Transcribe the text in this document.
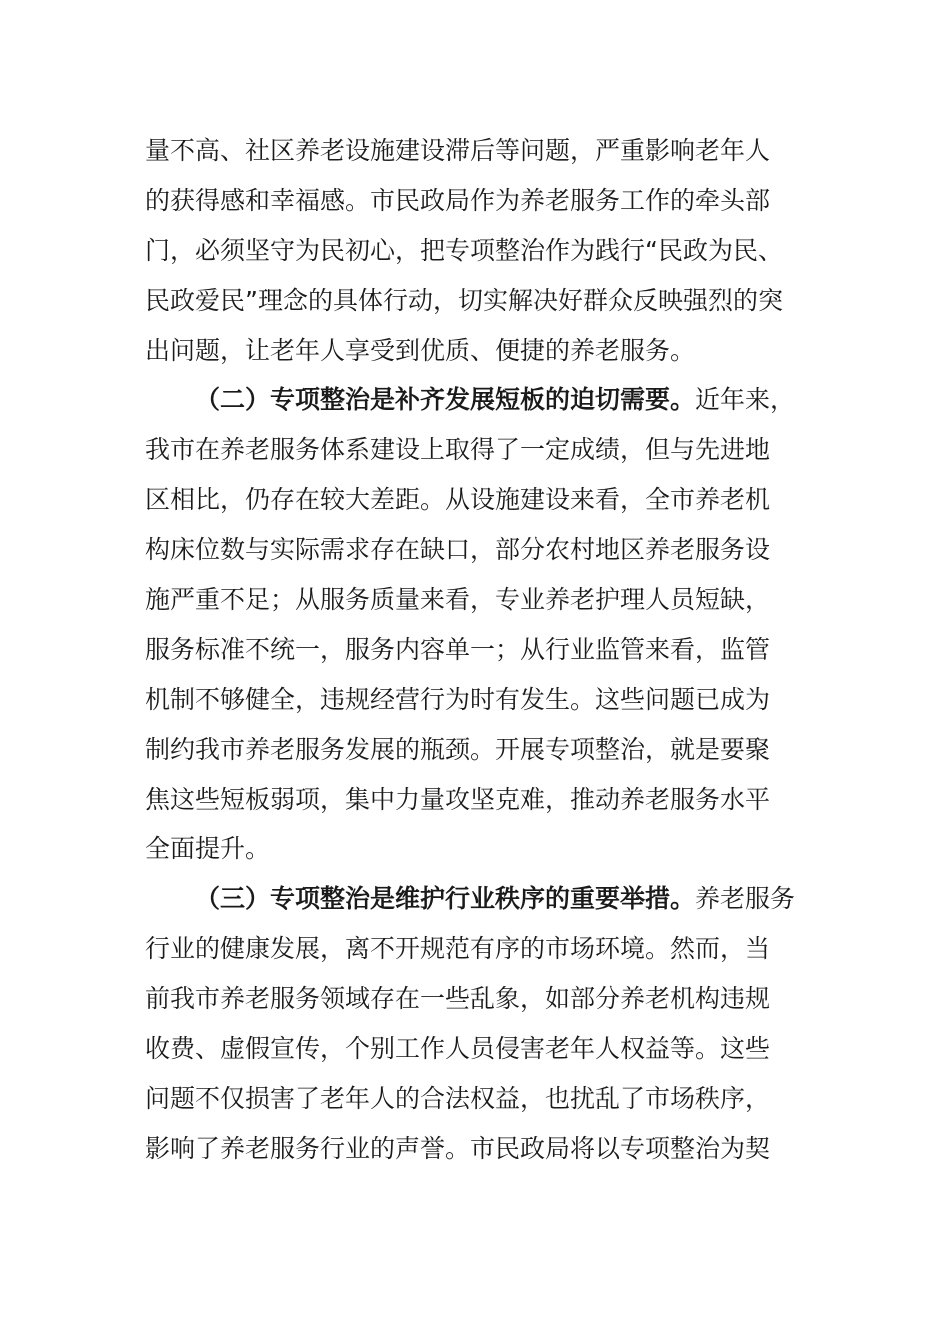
量不高、社区养老设施建设滞后等问题，严重影响老年人
的获得感和幸福感。市民政局作为养老服务工作的牵头部
门，必须坚守为民初心，把专项整治作为践行“民政为民、
民政爱民”理念的具体行动，切实解决好群众反映强烈的突
出问题，让老年人享受到优质、便捷的养老服务。
（二）专项整治是补齐发展短板的迫切需要。近年来，
我市在养老服务体系建设上取得了一定成绩，但与先进地
区相比，仍存在较大差距。从设施建设来看，全市养老机
构床位数与实际需求存在缺口，部分农村地区养老服务设
施严重不足；从服务质量来看，专业养老护理人员短缺，
服务标准不统一，服务内容单一；从行业监管来看，监管
机制不够健全，违规经营行为时有发生。这些问题已成为
制约我市养老服务发展的瓶颈。开展专项整治，就是要聚
焦这些短板弱项，集中力量攻坚克难，推动养老服务水平
全面提升。
（三）专项整治是维护行业秩序的重要举措。养老服务
行业的健康发展，离不开规范有序的市场环境。然而，当
前我市养老服务领域存在一些乱象，如部分养老机构违规
收费、虚假宣传，个别工作人员侵害老年人权益等。这些
问题不仅损害了老年人的合法权益，也扰乱了市场秩序，
影响了养老服务行业的声誉。市民政局将以专项整治为契
